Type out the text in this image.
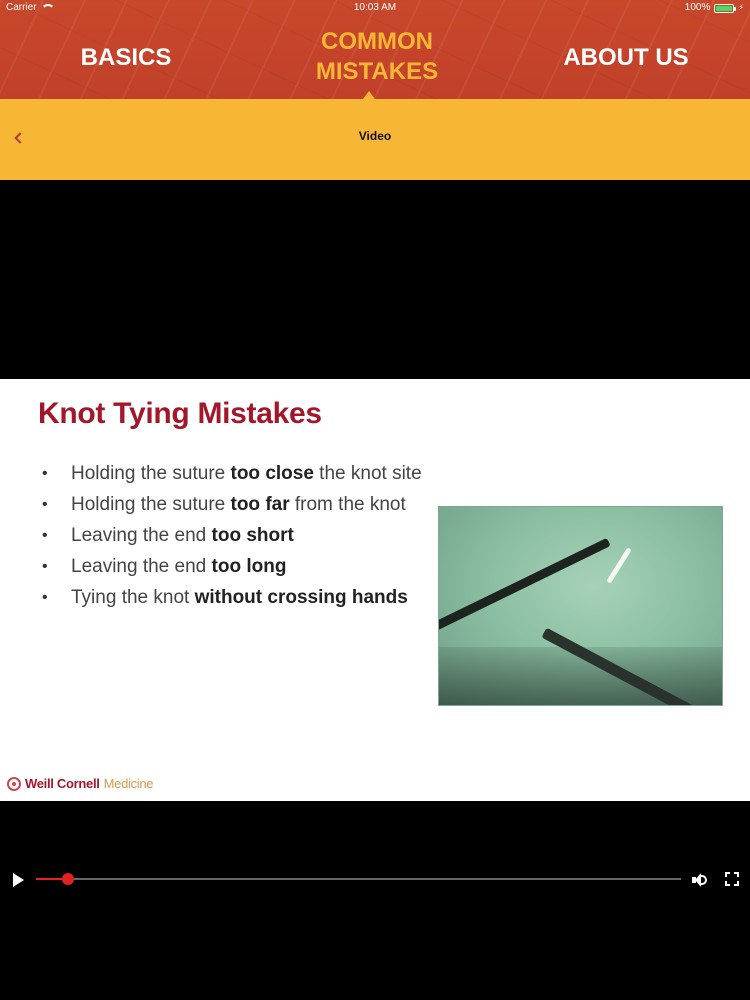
Carrier	10:03 AM	100%	⚡
BASICS
COMMON
MISTAKES
ABOUT US
Video
Knot Tying Mistakes
• Holding the suture too close the knot site
• Holding the suture too far from the knot
• Leaving the end too short
• Leaving the end too long
• Tying the knot without crossing hands
Weill Cornell Medicine
